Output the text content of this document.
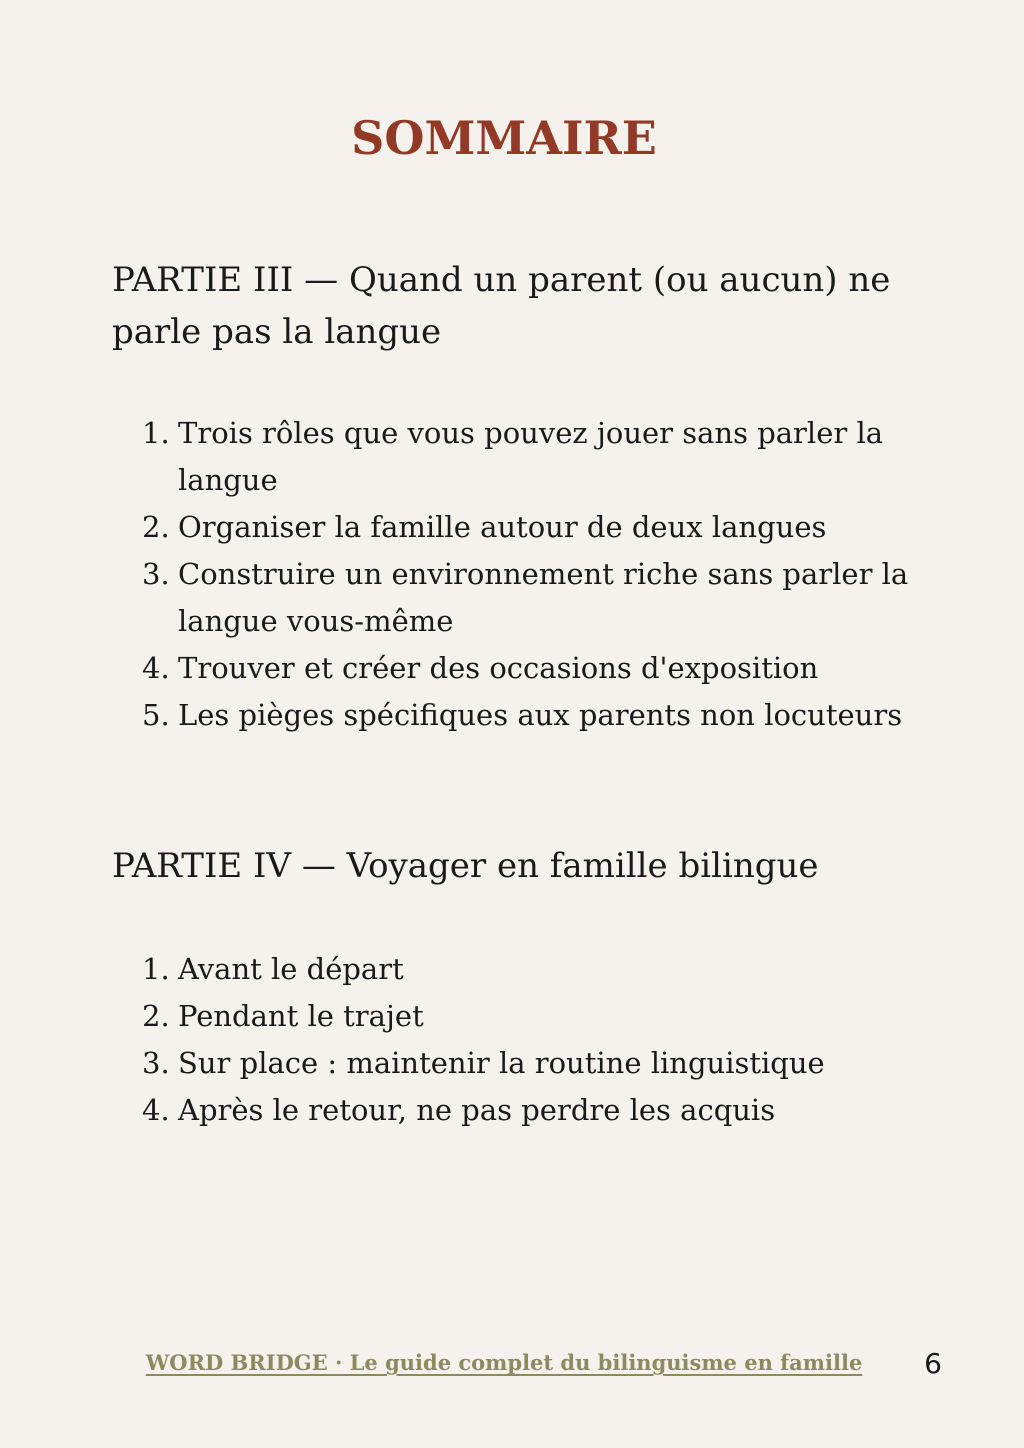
SOMMAIRE
PARTIE III — Quand un parent (ou aucun) ne parle pas la langue
1. Trois rôles que vous pouvez jouer sans parler la langue
2. Organiser la famille autour de deux langues
3. Construire un environnement riche sans parler la langue vous-même
4. Trouver et créer des occasions d'exposition
5. Les pièges spécifiques aux parents non locuteurs
PARTIE IV — Voyager en famille bilingue
1. Avant le départ
2. Pendant le trajet
3. Sur place : maintenir la routine linguistique
4. Après le retour, ne pas perdre les acquis
WORD BRIDGE · Le guide complet du bilinguisme en famille	6
